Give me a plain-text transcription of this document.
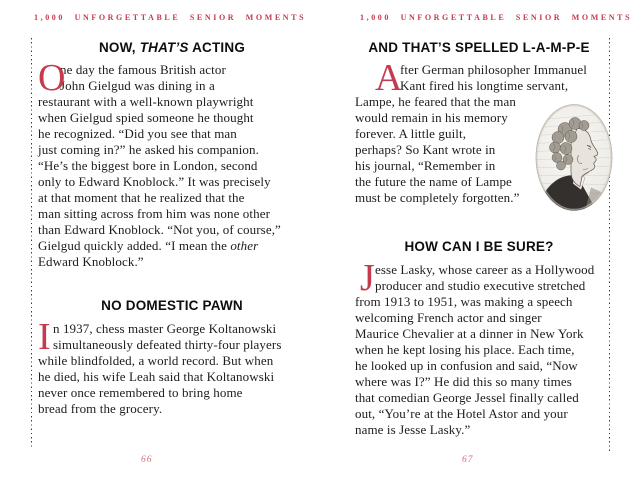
1,000 UNFORGETTABLE SENIOR MOMENTS	1,000 UNFORGETTABLE SENIOR MOMENTS
NOW, THAT’S ACTING
O
ne day the famous British actor
John Gielgud was dining in a
restaurant with a well-known playwright
when Gielgud spied someone he thought
he recognized. “Did you see that man
just coming in?” he asked his companion.
“He’s the biggest bore in London, second
only to Edward Knoblock.” It was precisely
at that moment that he realized that the
man sitting across from him was none other
than Edward Knoblock. “Not you, of course,”
Gielgud quickly added. “I mean the other
Edward Knoblock.”
NO DOMESTIC PAWN
I n 1937, chess master George Koltanowski
simultaneously defeated thirty-four players
while blindfolded, a world record. But when
he died, his wife Leah said that Koltanowski
never once remembered to bring home
bread from the grocery.
AND THAT’S SPELLED L-A-M-P-E
A
fter German philosopher Immanuel
Kant fired his longtime servant,
Lampe, he feared that the man
would remain in his memory
forever. A little guilt,
perhaps? So Kant wrote in
his journal, “Remember in
the future the name of Lampe
must be completely forgotten.”
HOW CAN I BE SURE?
J esse Lasky, whose career as a Hollywood
producer and studio executive stretched
from 1913 to 1951, was making a speech
welcoming French actor and singer
Maurice Chevalier at a dinner in New York
when he kept losing his place. Each time,
he looked up in confusion and said, “Now
where was I?” He did this so many times
that comedian George Jessel finally called
out, “You’re at the Hotel Astor and your
name is Jesse Lasky.”
66	67
